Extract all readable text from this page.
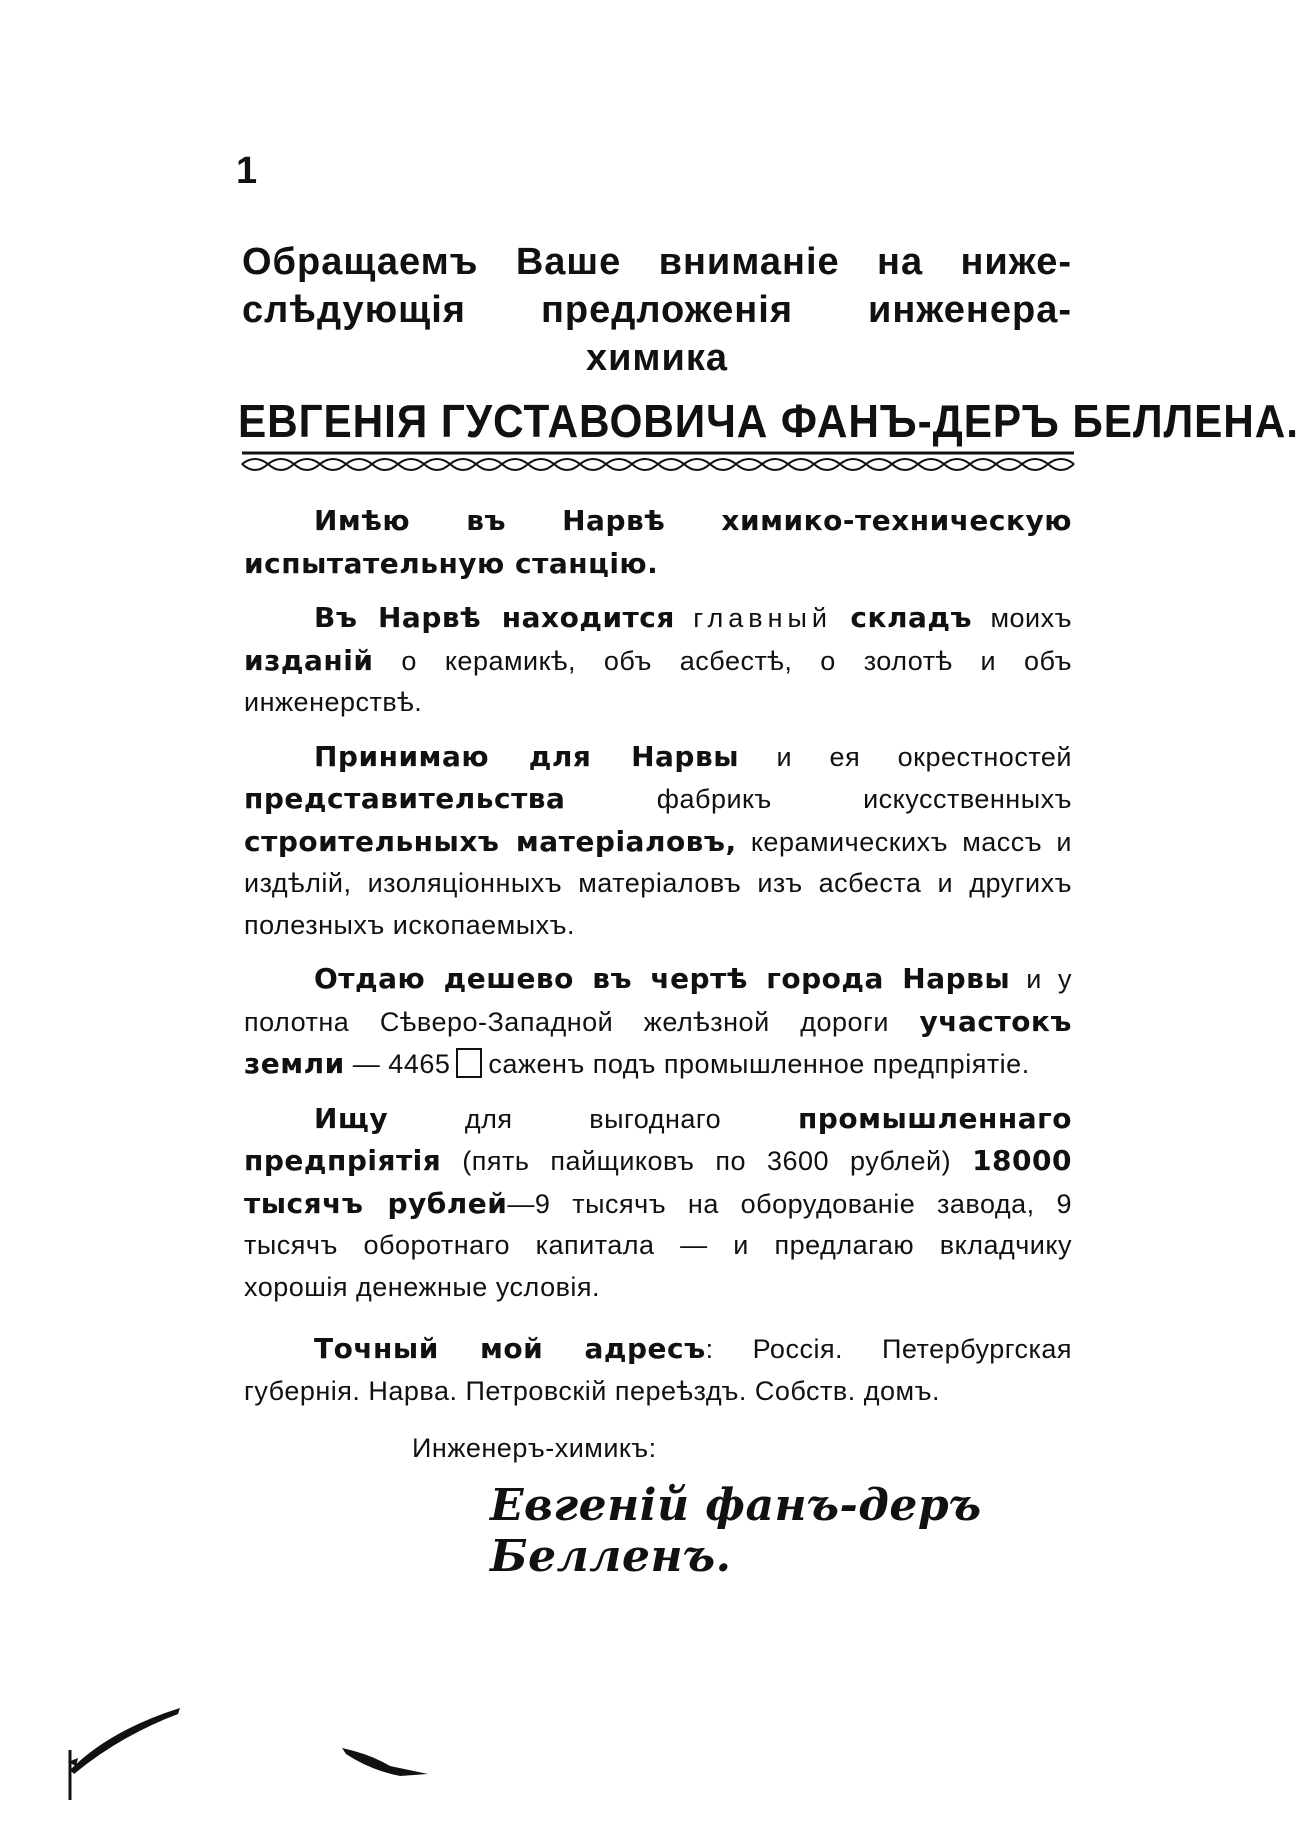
1
Обращаемъ Ваше вниманіе на ниже-
слѣдующія предложенія инженера-
химика
ЕВГЕНІЯ ГУСТАВОВИЧА ФАНЪ-ДЕРЪ БЕЛЛЕНА.

Имѣю въ Нарвѣ химико-техническую испытательную станцію.

Въ Нарвѣ находится главный складъ моихъ изданій о керамикѣ, объ асбестѣ, о золотѣ и объ инженерствѣ.

Принимаю для Нарвы и ея окрестностей представительства	фабрикъ искусственныхъ строительныхъ матеріаловъ, керамическихъ массъ и издѣлій, изоляціонныхъ матеріаловъ изъ асбеста и другихъ полезныхъ ископаемыхъ.

Отдаю дешево въ чертѣ города Нарвы и у полотна Сѣверо-Западной желѣзной дороги участокъ земли — 4465 саженъ подъ промышленное предпріятіе.

Ищу	для выгоднаго	промышленнаго предпріятія (пять пайщиковъ по 3600 рублей) 18000 тысячъ рублей—9 тысячъ на оборудованіе завода, 9 тысячъ оборотнаго капитала — и предлагаю вкладчику хорошія денежные условія.

Точный мой адресъ: Россія. Петербургская губернія. Нарва. Петровскій переѣздъ. Собств. домъ.

Инженеръ-химикъ:
Евгеній фанъ-деръ Белленъ.
